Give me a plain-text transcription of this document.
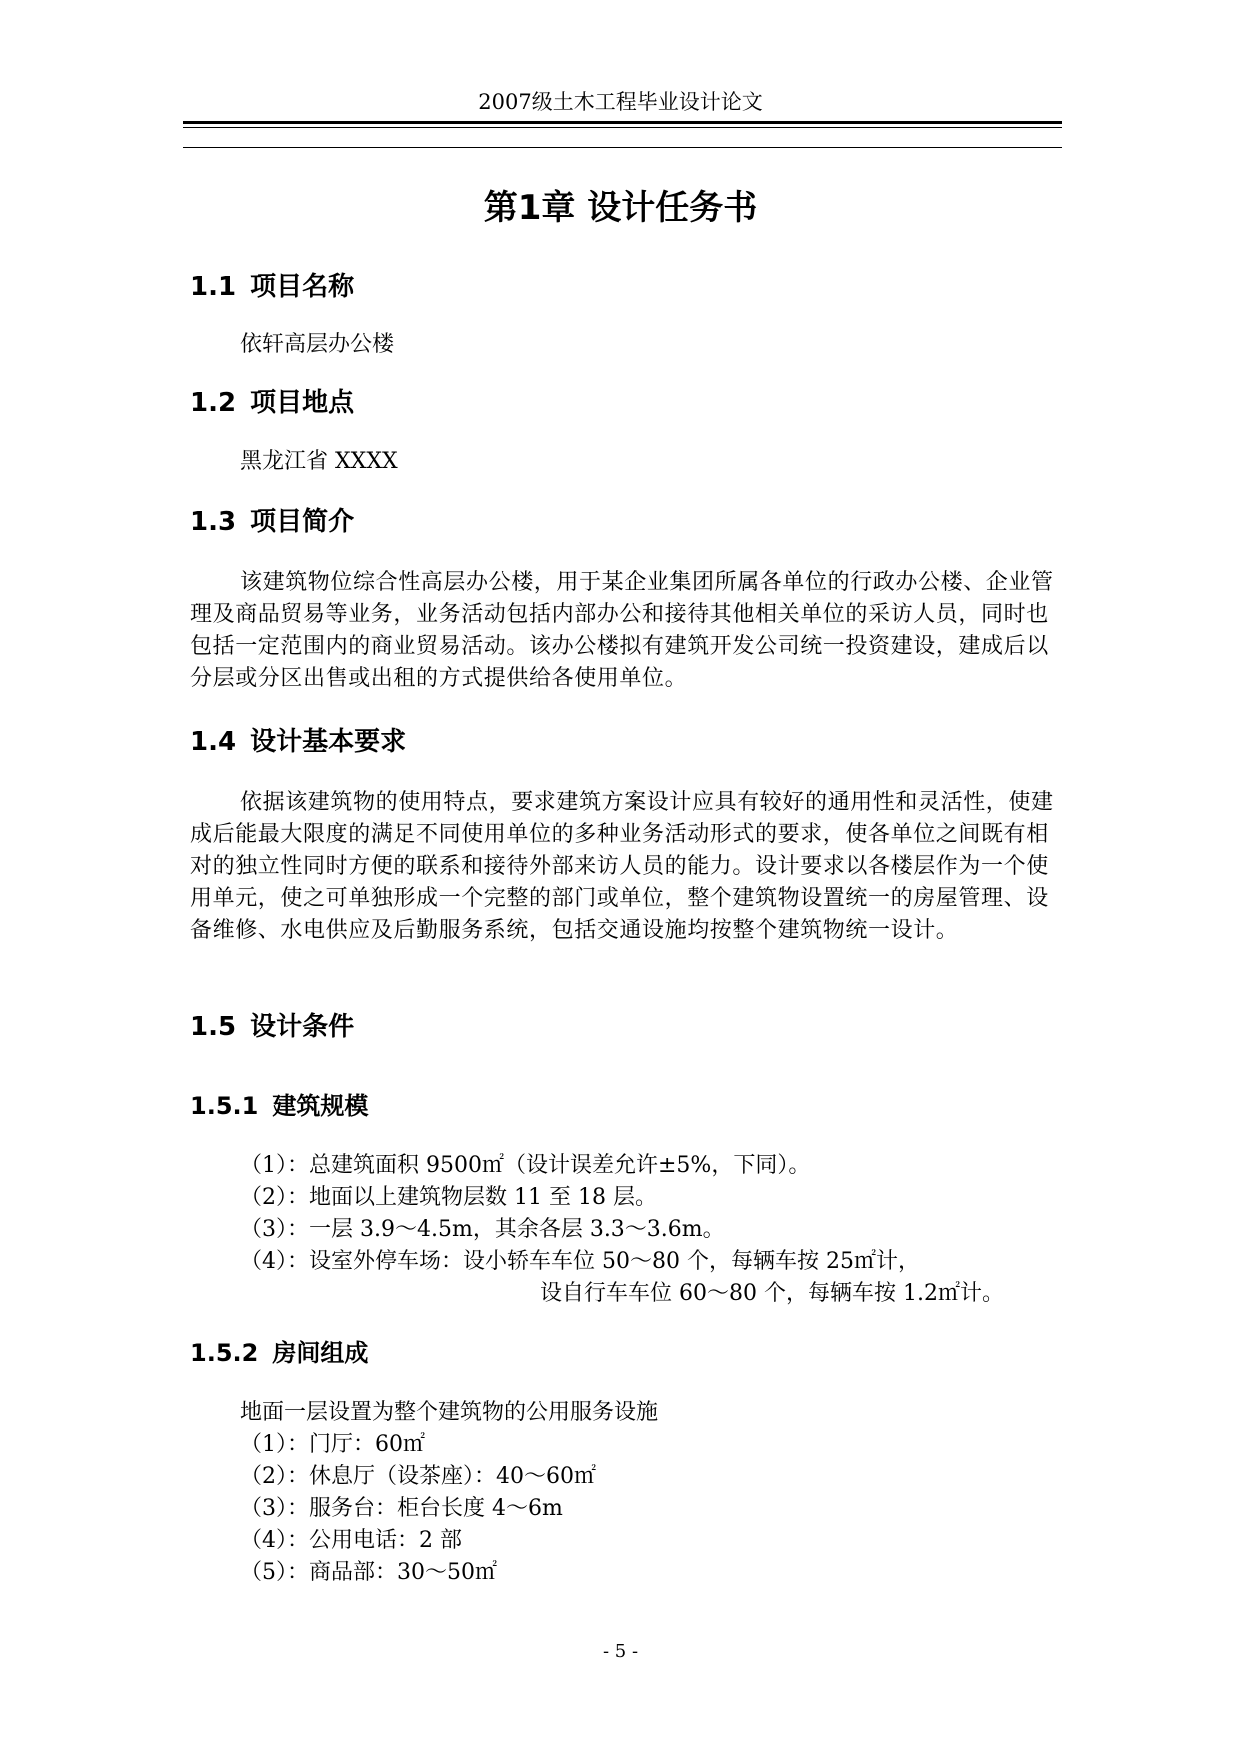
2007级土木工程毕业设计论文
第1章 设计任务书
1.1 项目名称
依轩高层办公楼
1.2 项目地点
黑龙江省 XXXX
1.3 项目简介
该建筑物位综合性高层办公楼，用于某企业集团所属各单位的行政办公楼、企业管理及商品贸易等业务，业务活动包括内部办公和接待其他相关单位的采访人员，同时也包括一定范围内的商业贸易活动。该办公楼拟有建筑开发公司统一投资建设，建成后以分层或分区出售或出租的方式提供给各使用单位。
1.4 设计基本要求
依据该建筑物的使用特点，要求建筑方案设计应具有较好的通用性和灵活性，使建成后能最大限度的满足不同使用单位的多种业务活动形式的要求，使各单位之间既有相对的独立性同时方便的联系和接待外部来访人员的能力。设计要求以各楼层作为一个使用单元，使之可单独形成一个完整的部门或单位，整个建筑物设置统一的房屋管理、设备维修、水电供应及后勤服务系统，包括交通设施均按整个建筑物统一设计。
1.5 设计条件
1.5.1 建筑规模
（1）：总建筑面积 9500㎡（设计误差允许±5%，下同）。
（2）：地面以上建筑物层数 11 至 18 层。
（3）：一层 3.9～4.5m，其余各层 3.3～3.6m。
（4）：设室外停车场：设小轿车车位 50～80 个，每辆车按 25㎡计，
设自行车车位 60～80 个，每辆车按 1.2㎡计。
1.5.2 房间组成
地面一层设置为整个建筑物的公用服务设施
（1）：门厅：60㎡
（2）：休息厅（设茶座）：40～60㎡
（3）：服务台：柜台长度 4～6m
（4）：公用电话：2 部
（5）：商品部：30～50㎡
- 5 -
